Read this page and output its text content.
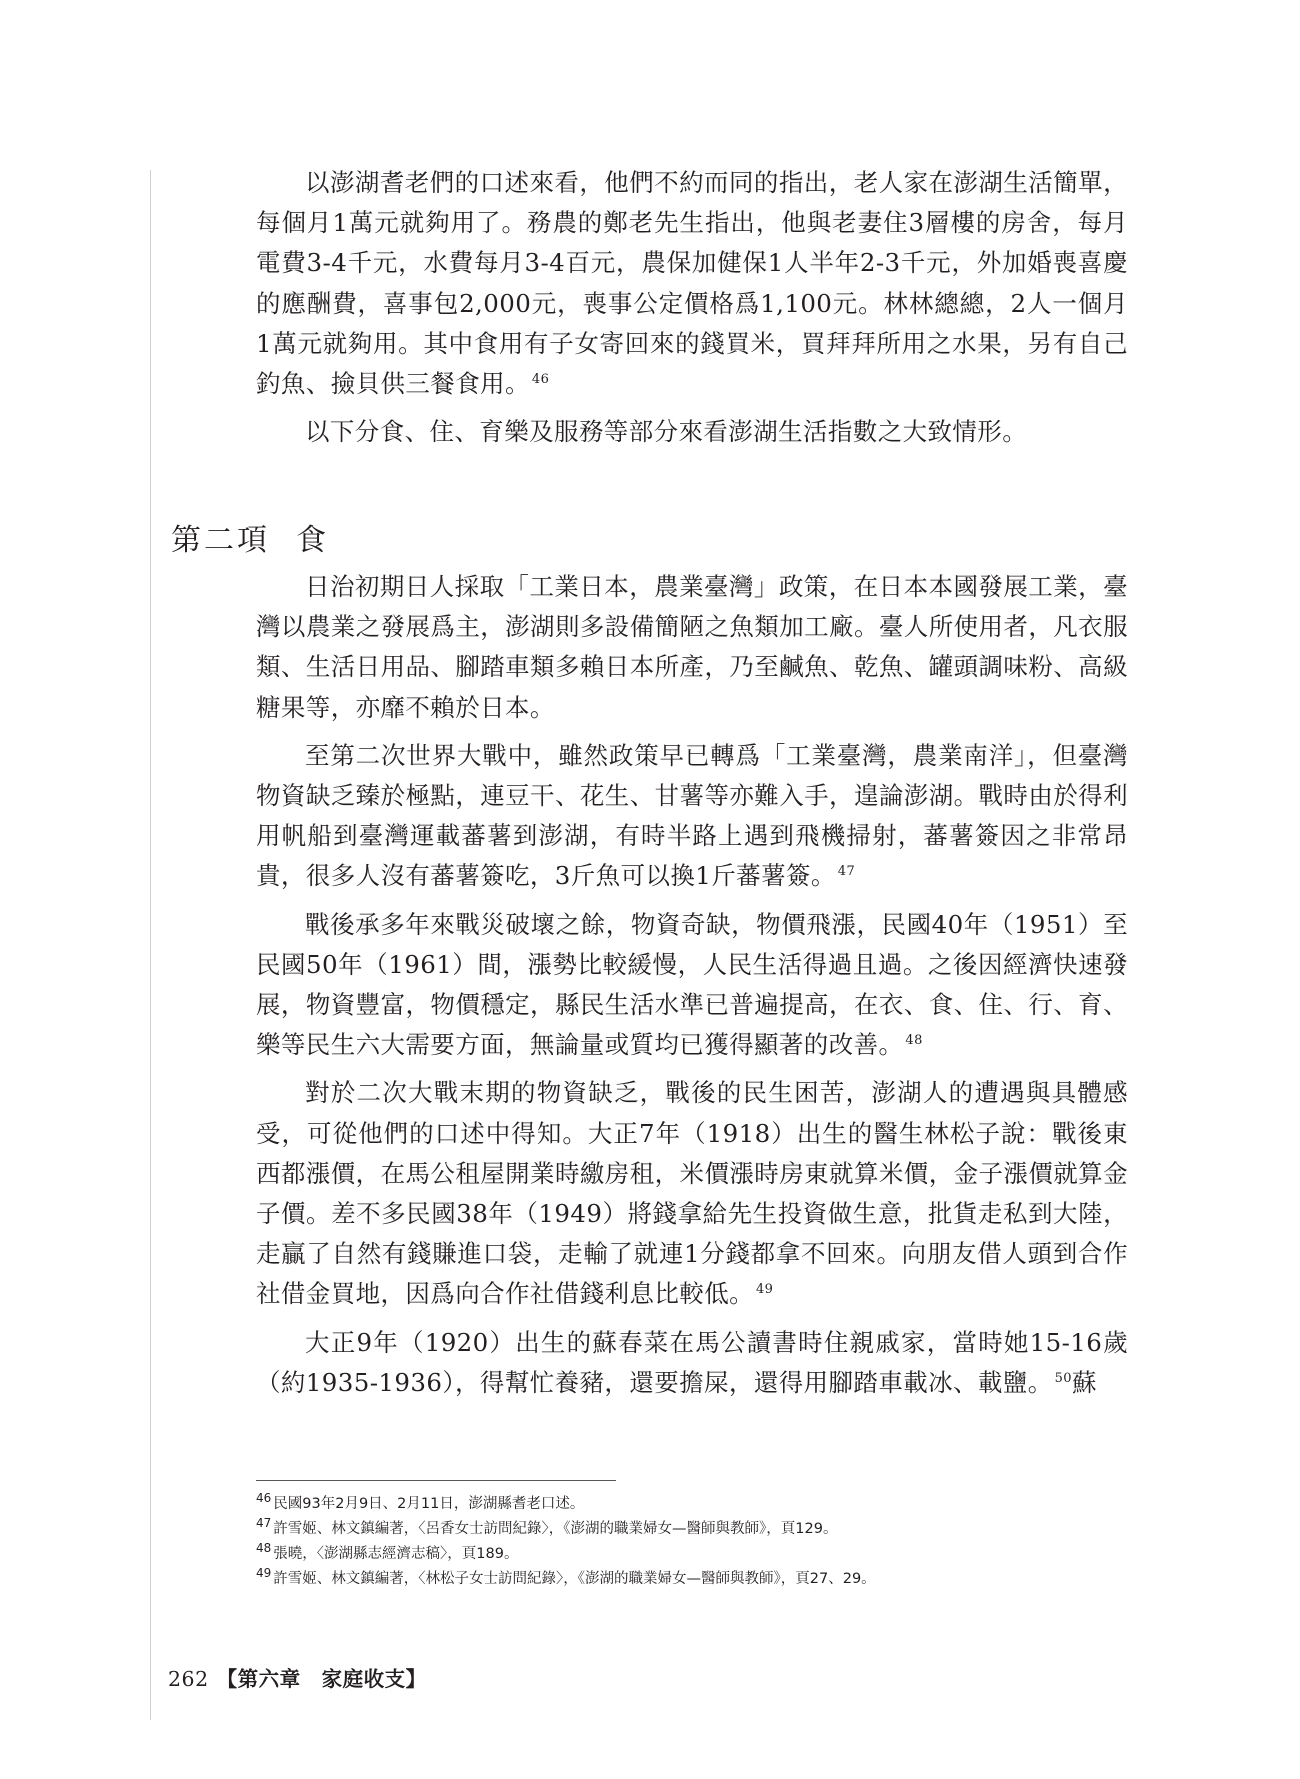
以澎湖耆老們的口述來看，他們不約而同的指出，老人家在澎湖生活簡單，每個月1萬元就夠用了。務農的鄭老先生指出，他與老妻住3層樓的房舍，每月電費3-4千元，水費每月3-4百元，農保加健保1人半年2-3千元，外加婚喪喜慶的應酬費，喜事包2,000元，喪事公定價格爲1,100元。林林總總，2人一個月1萬元就夠用。其中食用有子女寄回來的錢買米，買拜拜所用之水果，另有自己釣魚、撿貝供三餐食用。 $^{46}$

以下分食、住、育樂及服務等部分來看澎湖生活指數之大致情形。

第二項 食

日治初期日人採取「工業日本，農業臺灣」政策，在日本本國發展工業，臺灣以農業之發展爲主，澎湖則多設備簡陋之魚類加工廠。臺人所使用者，凡衣服類、生活日用品、腳踏車類多賴日本所產，乃至鹹魚、乾魚、罐頭調味粉、高級糖果等，亦靡不賴於日本。

至第二次世界大戰中，雖然政策早已轉爲「工業臺灣，農業南洋」，但臺灣物資缺乏臻於極點，連豆干、花生、甘薯等亦難入手，遑論澎湖。戰時由於得利用帆船到臺灣運載蕃薯到澎湖，有時半路上遇到飛機掃射，蕃薯簽因之非常昂貴，很多人沒有蕃薯簽吃，3斤魚可以換1斤蕃薯簽。 $^{47}$

戰後承多年來戰災破壞之餘，物資奇缺，物價飛漲，民國40年（1951）至民國50年（1961）間，漲勢比較緩慢，人民生活得過且過。之後因經濟快速發展，物資豐富，物價穩定，縣民生活水準已普遍提高，在衣、食、住、行、育、樂等民生六大需要方面，無論量或質均已獲得顯著的改善。 $^{48}$

對於二次大戰末期的物資缺乏，戰後的民生困苦，澎湖人的遭遇與具體感受，可從他們的口述中得知。大正7年（1918）出生的醫生林松子說：戰後東西都漲價，在馬公租屋開業時繳房租，米價漲時房東就算米價，金子漲價就算金子價。差不多民國38年（1949）將錢拿給先生投資做生意，批貨走私到大陸，走贏了自然有錢賺進口袋，走輸了就連1分錢都拿不回來。向朋友借人頭到合作社借金買地，因爲向合作社借錢利息比較低。 $^{49}$

大正9年（1920）出生的蘇春菜在馬公讀書時住親戚家，當時她15-16歲（約1935-1936），得幫忙養豬，還要擔屎，還得用腳踏車載冰、載鹽。 $^{50}$蘇

$^{46}$ 民國93年2月9日、2月11日，澎湖縣耆老口述。

$^{47}$ 許雪姬、林文鎮編著，〈呂香女士訪問紀錄〉，《澎湖的職業婦女—醫師與教師》，頁129。

$^{48}$ 張曉，〈澎湖縣志經濟志稿〉，頁189。

$^{49}$ 許雪姬、林文鎮編著，〈林松子女士訪問紀錄〉，《澎湖的職業婦女—醫師與教師》，頁27、29。

262 【第六章　家庭收支】
